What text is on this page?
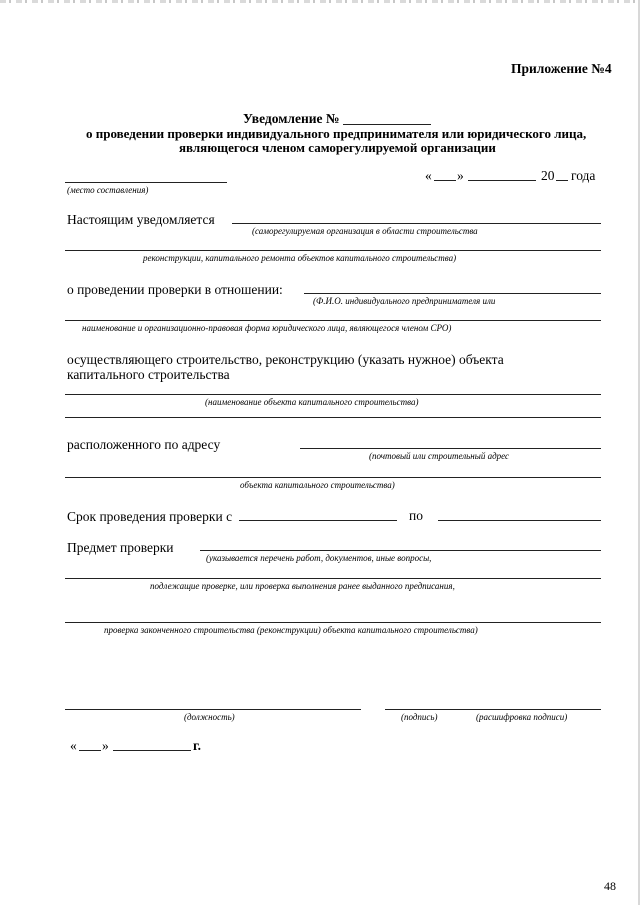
Приложение №4
Уведомление №
о проведении проверки индивидуального предпринимателя или юридического лица,
являющегося членом саморегулируемой организации
(место составления)
« »	20 года
Настоящим уведомляется
(саморегулируемая организация в области строительства
реконструкции, капитального ремонта объектов капитального строительства)
о проведении проверки в отношении:
(Ф.И.О. индивидуального предпринимателя или
наименование и организационно-правовая форма юридического лица, являющегося членом СРО)
осуществляющего строительство, реконструкцию (указать нужное) объекта
капитального строительства
(наименование объекта капитального строительства)
расположенного по адресу
(почтовый или строительный адрес
объекта капитального строительства)
Срок проведения проверки с	по
Предмет проверки
(указывается перечень работ, документов, иные вопросы,
подлежащие проверке, или проверка выполнения ранее выданного предписания,
проверка законченного строительства (реконструкции) объекта капитального строительства)
(должность)	(подпись)	(расшифровка подписи)
« »	г.
48
